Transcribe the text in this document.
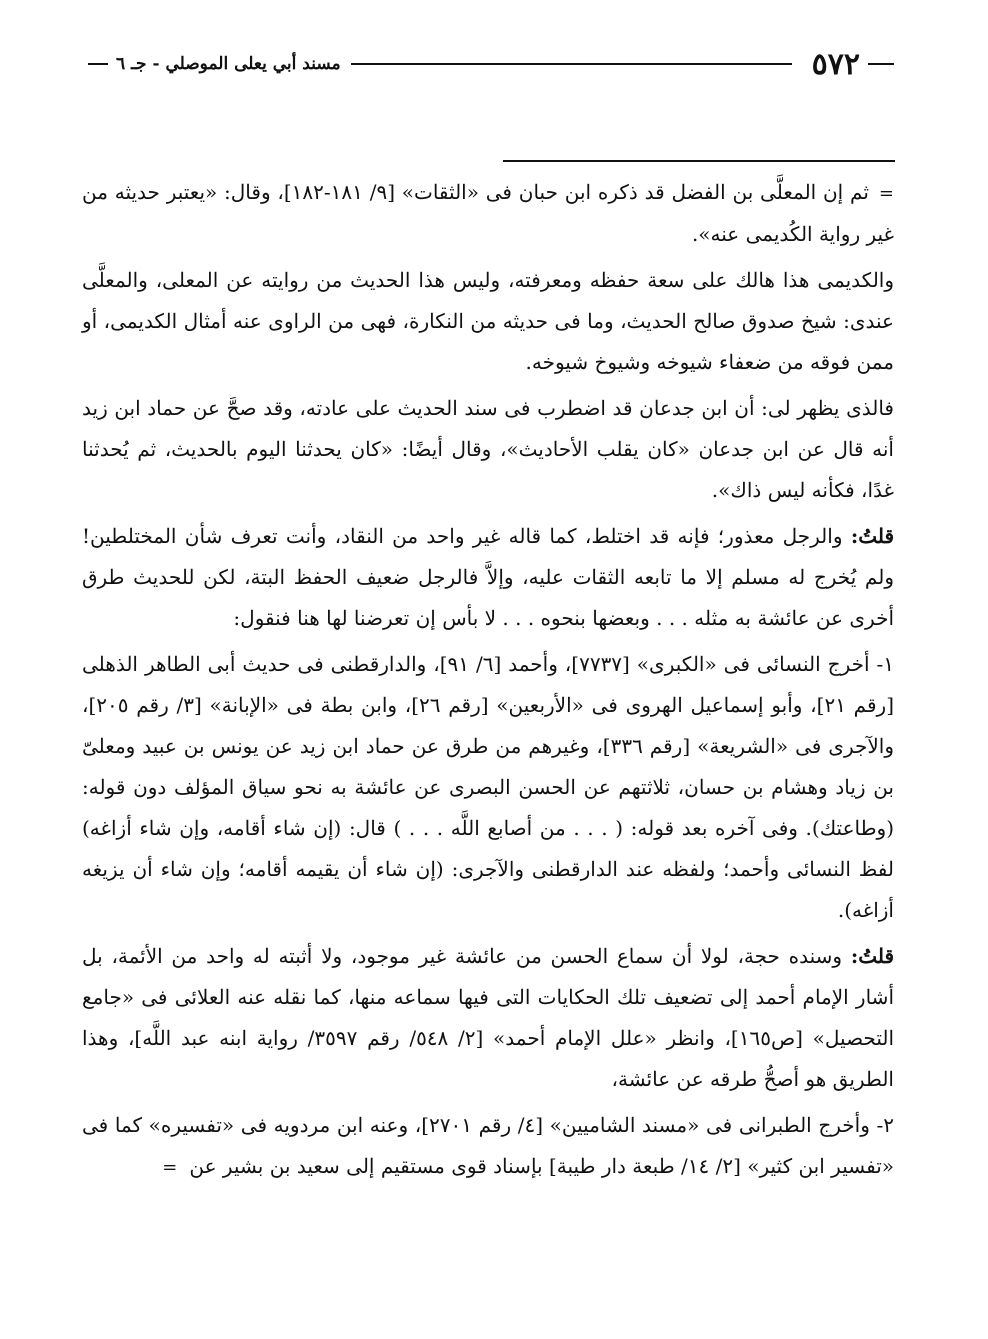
٥٧٢
مسند أبي يعلى الموصلي - جـ ٦

=ثم إن المعلَّى بن الفضل قد ذكره ابن حبان فى «الثقات» [٩/ ١٨١-١٨٢]، وقال: «يعتبر حديثه من غير رواية الكُديمى عنه».

والكديمى هذا هالك على سعة حفظه ومعرفته، وليس هذا الحديث من روايته عن المعلى، والمعلَّى عندى: شيخ صدوق صالح الحديث، وما فى حديثه من النكارة، فهى من الراوى عنه أمثال الكديمى، أو ممن فوقه من ضعفاء شيوخه وشيوخ شيوخه.

فالذى يظهر لى: أن ابن جدعان قد اضطرب فى سند الحديث على عادته، وقد صحَّ عن حماد ابن زيد أنه قال عن ابن جدعان «كان يقلب الأحاديث»، وقال أيضًا: «كان يحدثنا اليوم بالحديث، ثم يُحدثنا غدًا، فكأنه ليس ذاك».

قلتُ: والرجل معذور؛ فإنه قد اختلط، كما قاله غير واحد من النقاد، وأنت تعرف شأن المختلطين! ولم يُخرج له مسلم إلا ما تابعه الثقات عليه، وإلاَّ فالرجل ضعيف الحفظ البتة، لكن للحديث طرق أخرى عن عائشة به مثله . . . وبعضها بنحوه . . . لا بأس إن تعرضنا لها هنا فنقول:

١- أخرج النسائى فى «الكبرى» [٧٧٣٧]، وأحمد [٦/ ٩١]، والدارقطنى فى حديث أبى الطاهر الذهلى [رقم ٢١]، وأبو إسماعيل الهروى فى «الأربعين» [رقم ٢٦]، وابن بطة فى «الإبانة» [٣/ رقم ٢٠٥]، والآجرى فى «الشريعة» [رقم ٣٣٦]، وغيرهم من طرق عن حماد ابن زيد عن يونس بن عبيد ومعلىّ بن زياد وهشام بن حسان، ثلاثتهم عن الحسن البصرى عن عائشة به نحو سياق المؤلف دون قوله: (وطاعتك). وفى آخره بعد قوله: ( . . . من أصابع اللَّه . . . ) قال: (إن شاء أقامه، وإن شاء أزاغه) لفظ النسائى وأحمد؛ ولفظه عند الدارقطنى والآجرى: (إن شاء أن يقيمه أقامه؛ وإن شاء أن يزيغه أزاغه).

قلتُ: وسنده حجة، لولا أن سماع الحسن من عائشة غير موجود، ولا أثبته له واحد من الأئمة، بل أشار الإمام أحمد إلى تضعيف تلك الحكايات التى فيها سماعه منها، كما نقله عنه العلائى فى «جامع التحصيل» [ص١٦٥]، وانظر «علل الإمام أحمد» [٢/ ٥٤٨/ رقم ٣٥٩٧/ رواية ابنه عبد اللَّه]، وهذا الطريق هو أصحُّ طرقه عن عائشة،

٢- وأخرج الطبرانى فى «مسند الشاميين» [٤/ رقم ٢٧٠١]، وعنه ابن مردويه فى «تفسيره» كما فى «تفسير ابن كثير» [٢/ ١٤/ طبعة دار طيبة] بإسناد قوى مستقيم إلى سعيد بن بشير عن=
